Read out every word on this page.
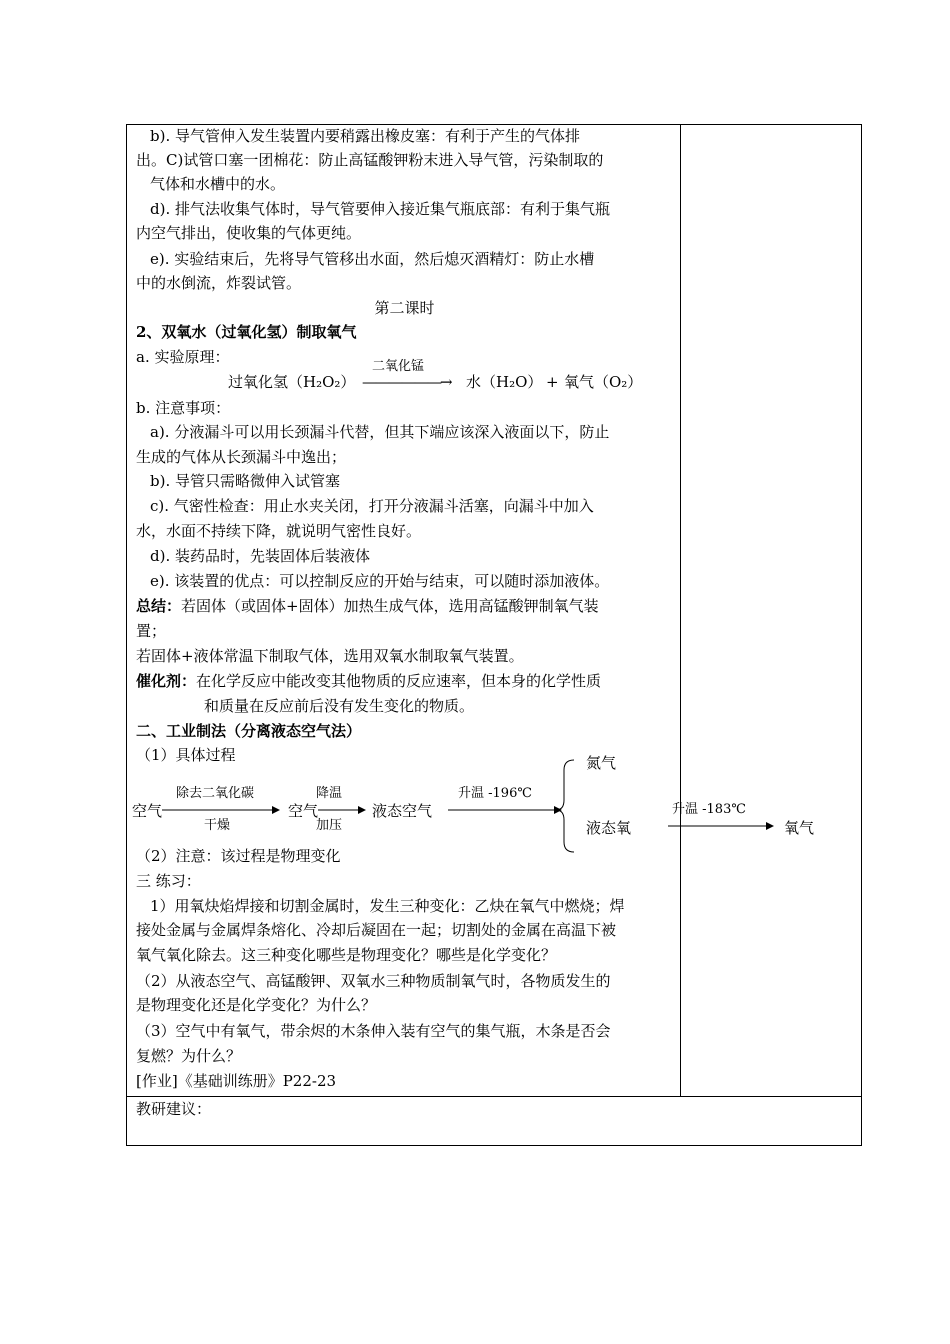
b). 导气管伸入发生装置内要稍露出橡皮塞：有利于产生的气体排
出。C)试管口塞一团棉花：防止高锰酸钾粉末进入导气管，污染制取的
气体和水槽中的水。
d). 排气法收集气体时，导气管要伸入接近集气瓶底部：有利于集气瓶
内空气排出，使收集的气体更纯。
e). 实验结束后，先将导气管移出水面，然后熄灭酒精灯：防止水槽
中的水倒流，炸裂试管。
第二课时
2、双氧水（过氧化氢）制取氧气
a. 实验原理：
过氧化氢（H₂O₂）
二氧化锰
——————→ 水（H₂O） + 氧气（O₂）
b. 注意事项：
a). 分液漏斗可以用长颈漏斗代替，但其下端应该深入液面以下，防止
生成的气体从长颈漏斗中逸出；
b). 导管只需略微伸入试管塞
c). 气密性检查：用止水夹关闭，打开分液漏斗活塞，向漏斗中加入
水，水面不持续下降，就说明气密性良好。
d). 装药品时，先装固体后装液体
e). 该装置的优点：可以控制反应的开始与结束，可以随时添加液体。
总结：若固体（或固体+固体）加热生成气体，选用高锰酸钾制氧气装
置；
若固体+液体常温下制取气体，选用双氧水制取氧气装置。
催化剂：在化学反应中能改变其他物质的反应速率，但本身的化学性质
和质量在反应前后没有发生变化的物质。
二、工业制法（分离液态空气法）
（1）具体过程
空气
除去二氧化碳
干燥
空气
降温
加压
液态空气
升温 -196℃
氮气
液态氧
升温 -183℃
氧气
（2）注意：该过程是物理变化
三 练习：
1）用氧炔焰焊接和切割金属时，发生三种变化：乙炔在氧气中燃烧；焊
接处金属与金属焊条熔化、冷却后凝固在一起；切割处的金属在高温下被
氧气氧化除去。这三种变化哪些是物理变化？哪些是化学变化？
（2）从液态空气、高锰酸钾、双氧水三种物质制氧气时，各物质发生的
是物理变化还是化学变化？为什么？
（3）空气中有氧气，带余烬的木条伸入装有空气的集气瓶，木条是否会
复燃？为什么？
[作业]《基础训练册》P22-23
教研建议：
